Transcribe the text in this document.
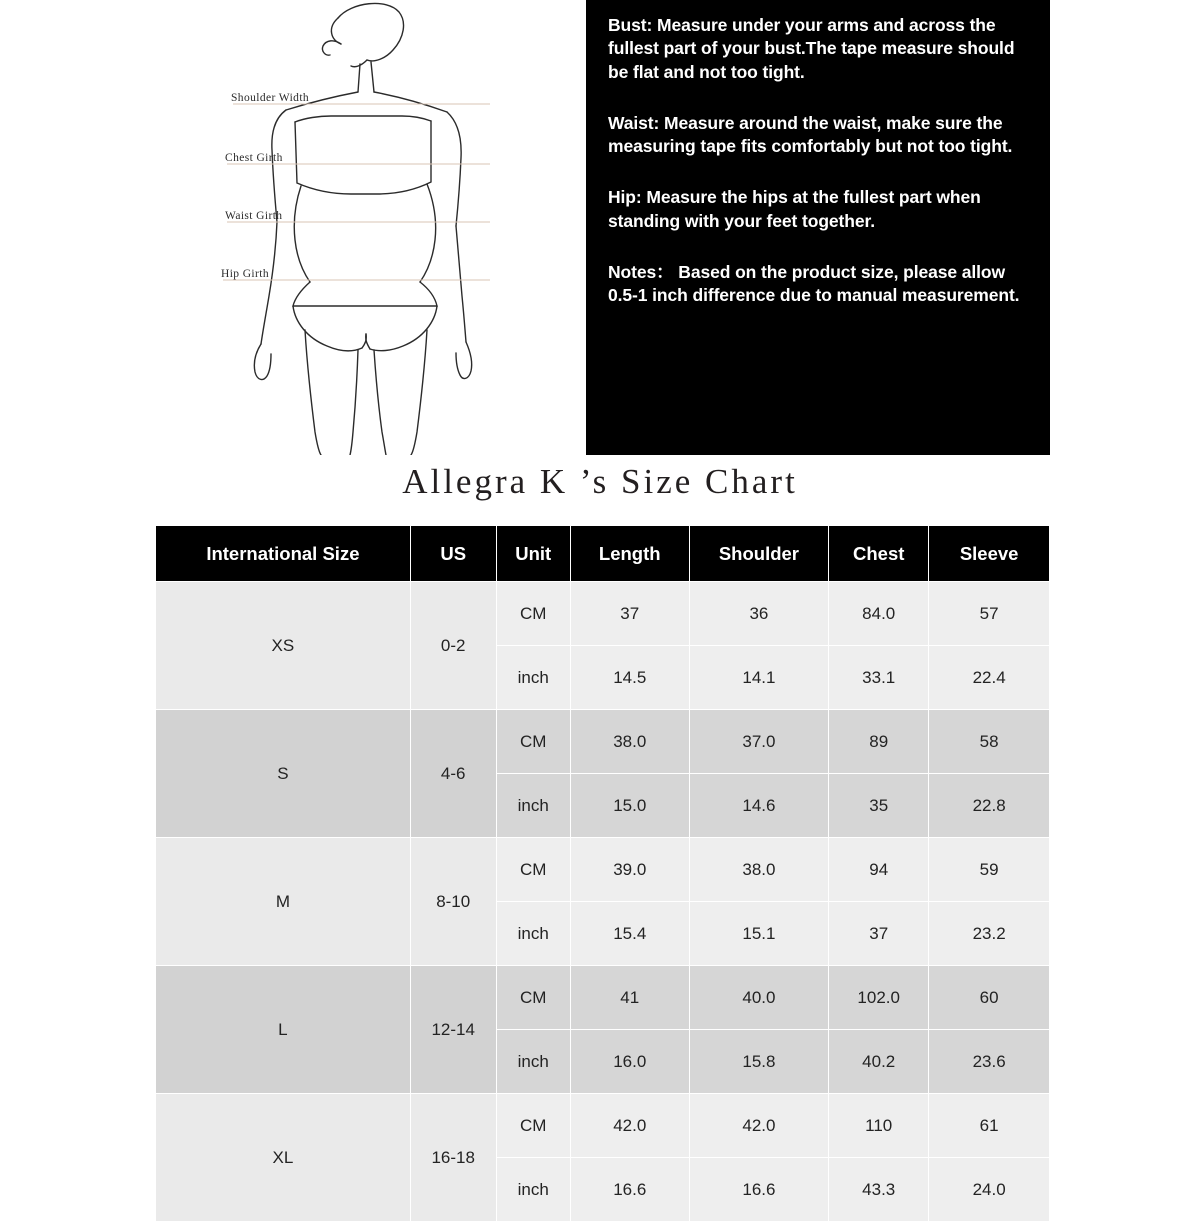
Shoulder Width
Chest Girth
Waist Girth
Hip Girth

Bust: Measure under your arms and across the fullest part of your bust.The tape measure should be flat and not too tight.

Waist: Measure around the waist, make sure the measuring tape fits comfortably but not too tight.

Hip: Measure the hips at the fullest part when standing with your feet together.

Notes： Based on the product size, please allow 0.5-1 inch difference due to manual measurement.

Allegra K ’s Size Chart
International Size	US	Unit	Length	Shoulder	Chest	Sleeve
XS	0-2	CM	37	36	84.0	57
		inch	14.5	14.1	33.1	22.4
S	4-6	CM	38.0	37.0	89	58
		inch	15.0	14.6	35	22.8
M	8-10	CM	39.0	38.0	94	59
		inch	15.4	15.1	37	23.2
L	12-14	CM	41	40.0	102.0	60
		inch	16.0	15.8	40.2	23.6
XL	16-18	CM	42.0	42.0	110	61
		inch	16.6	16.6	43.3	24.0
